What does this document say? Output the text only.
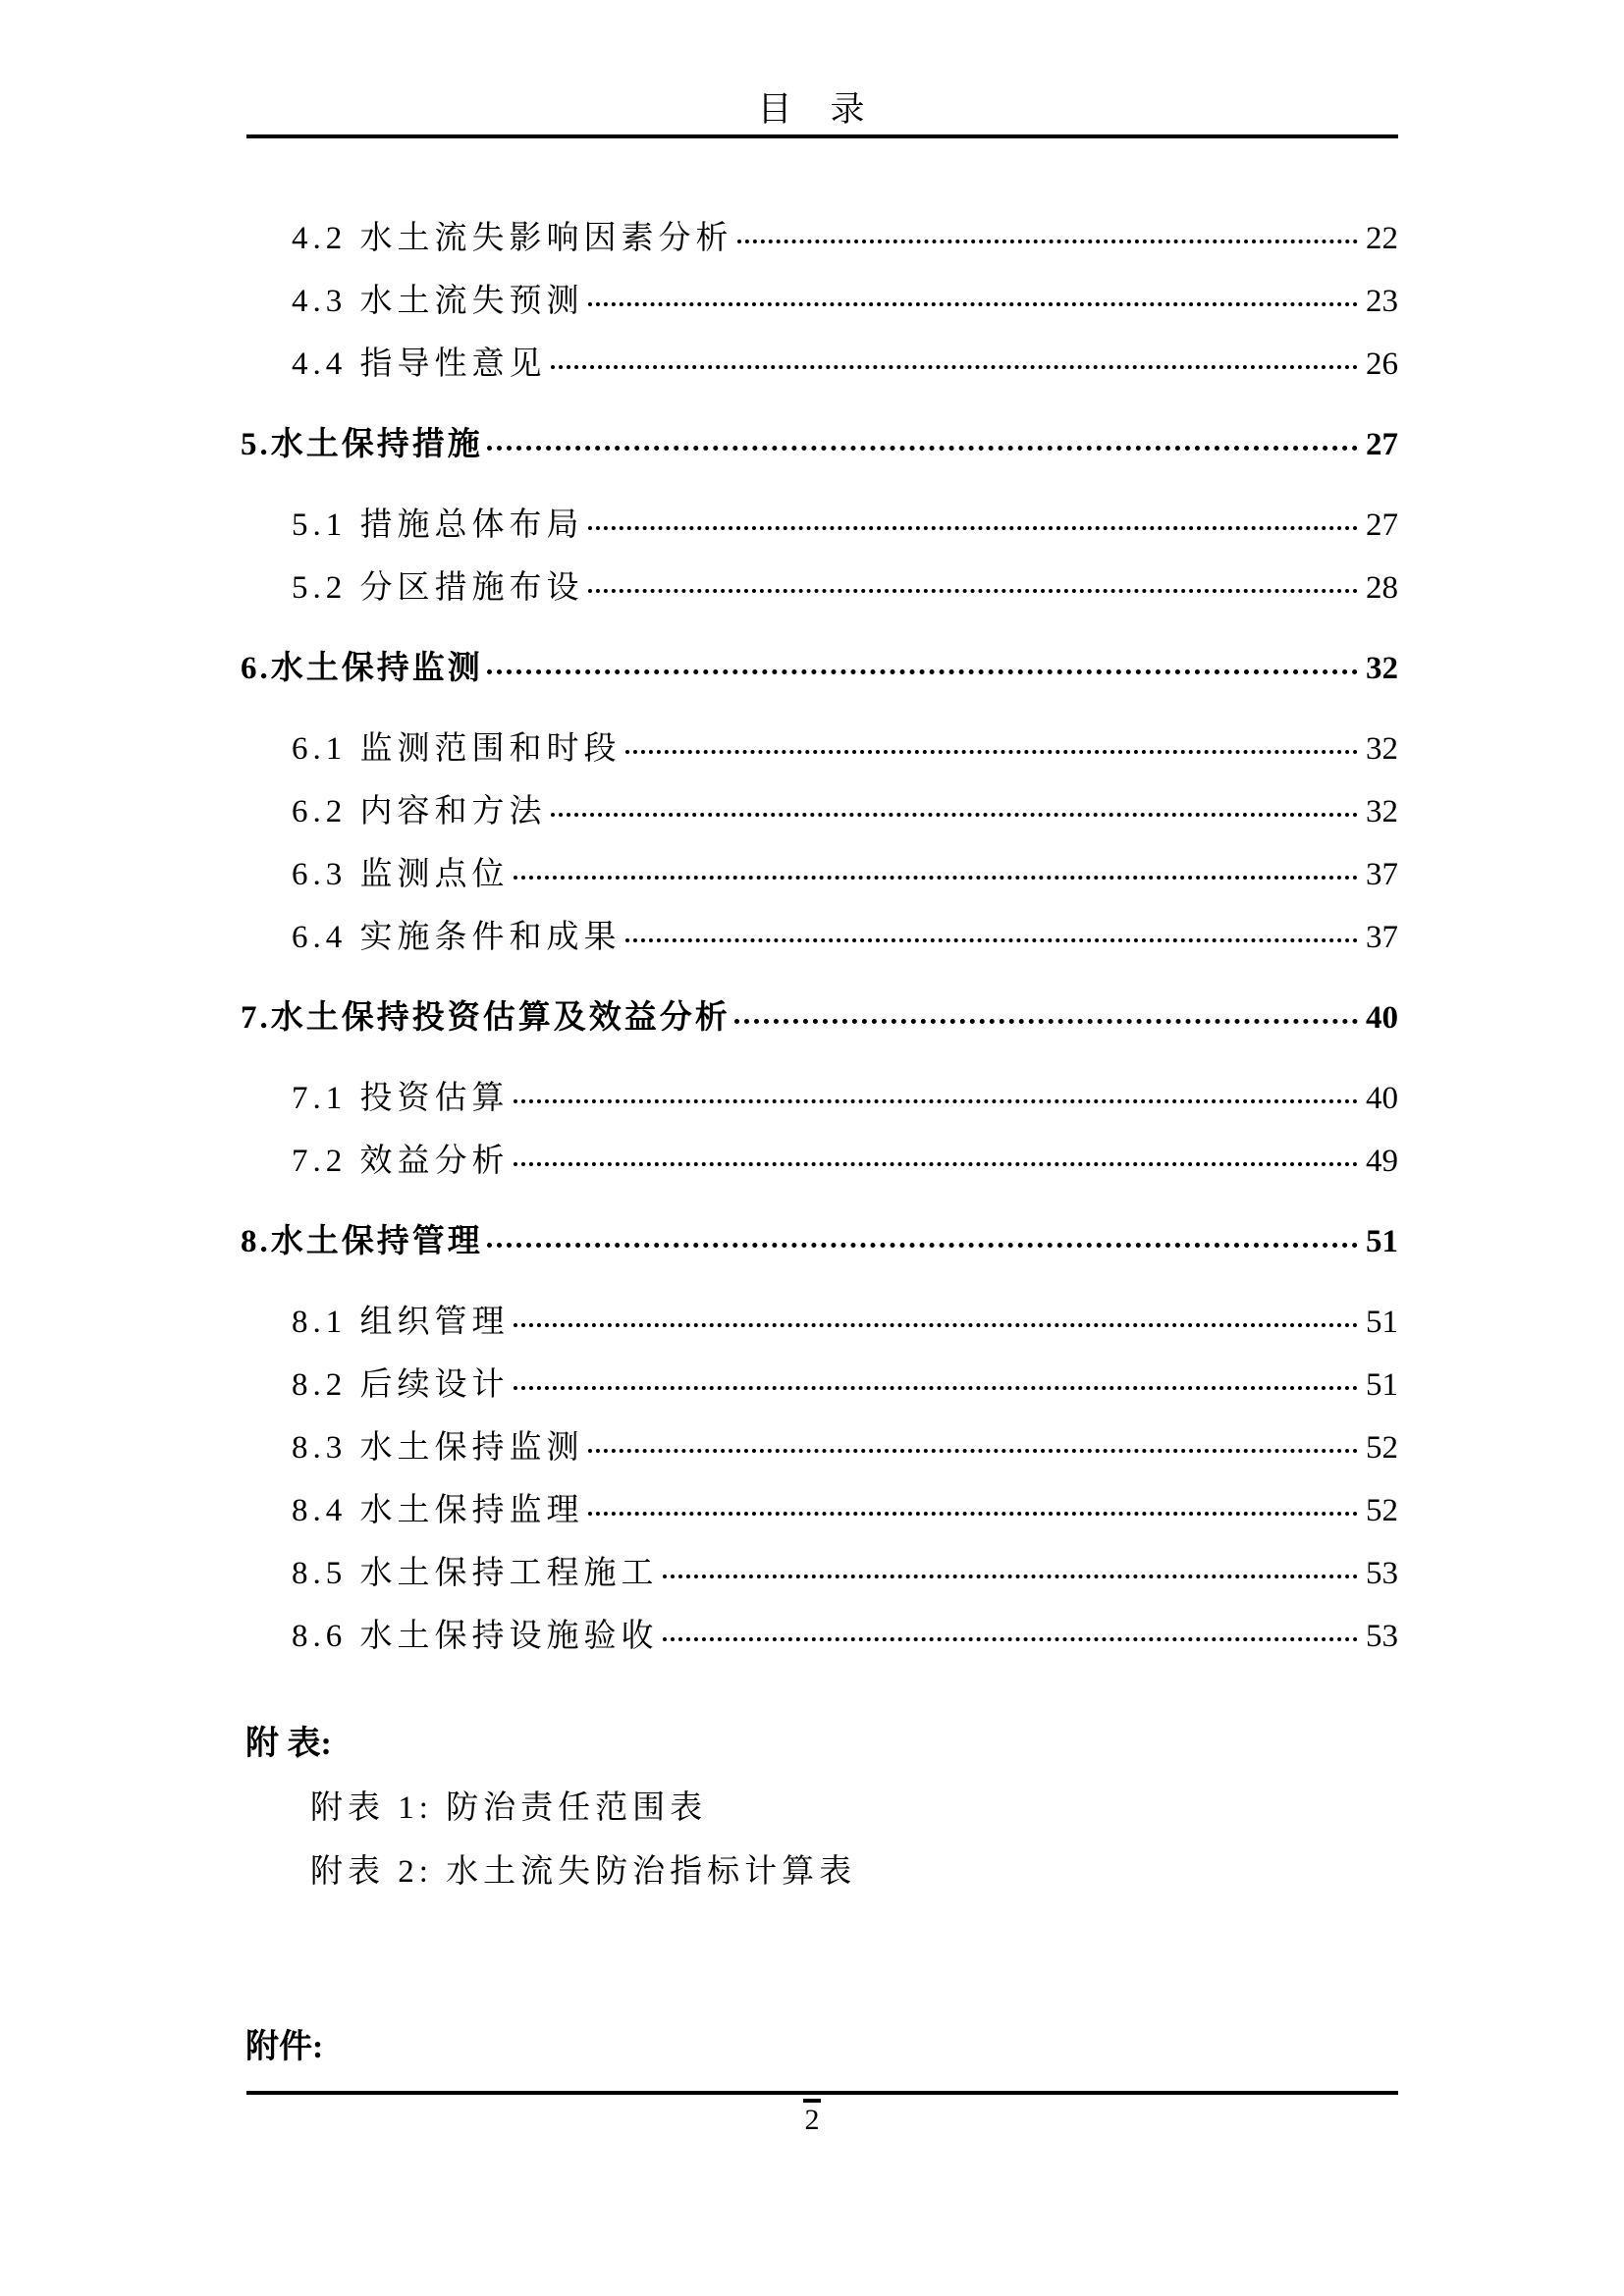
目　录
4.2 水土流失影响因素分析	22
4.3 水土流失预测	23
4.4 指导性意见	26
5.水土保持措施	27
5.1 措施总体布局	27
5.2 分区措施布设	28
6.水土保持监测	32
6.1 监测范围和时段	32
6.2 内容和方法	32
6.3 监测点位	37
6.4 实施条件和成果	37
7.水土保持投资估算及效益分析	40
7.1 投资估算	40
7.2 效益分析	49
8.水土保持管理	51
8.1 组织管理	51
8.2 后续设计	51
8.3 水土保持监测	52
8.4 水土保持监理	52
8.5 水土保持工程施工	53
8.6 水土保持设施验收	53
附 表:
附表 1: 防治责任范围表
附表 2: 水土流失防治指标计算表
附件:
2
